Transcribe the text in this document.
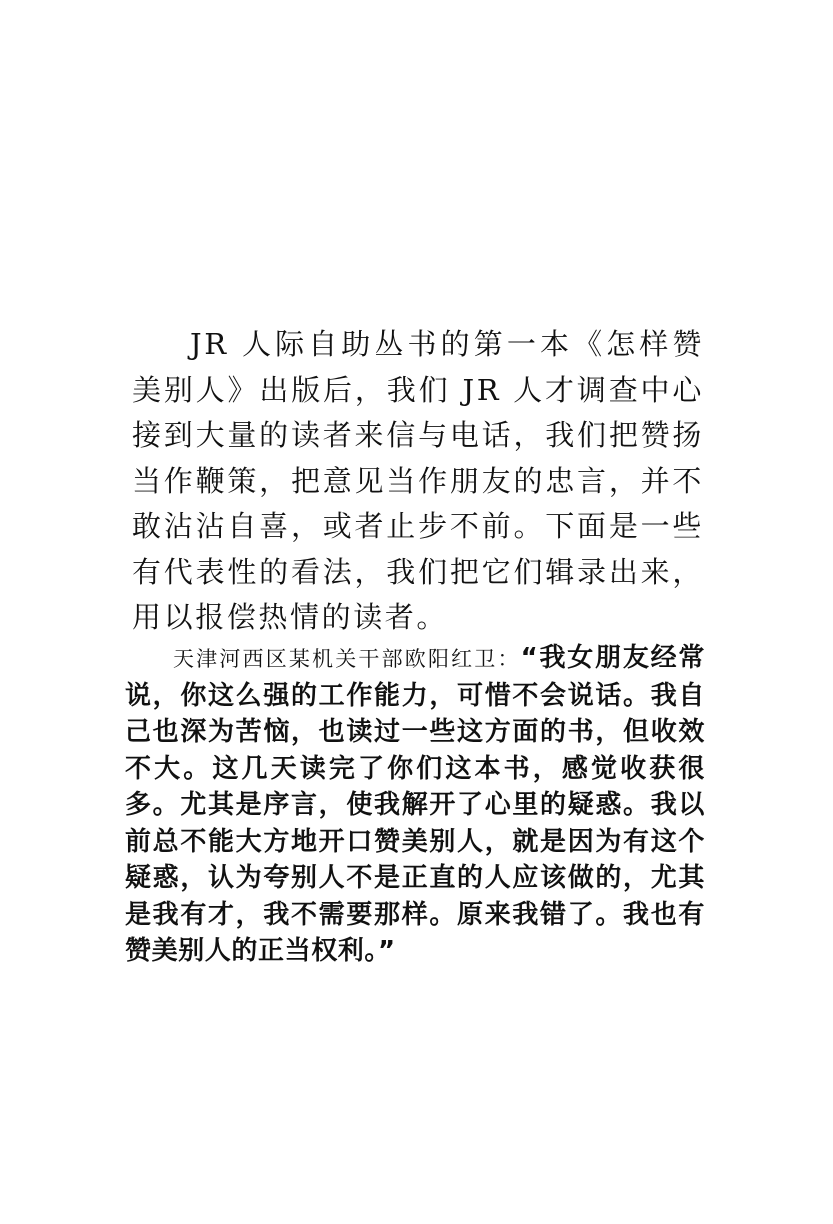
JR 人际自助丛书的第一本《怎样赞美别人》出版后，我们 JR 人才调查中心接到大量的读者来信与电话，我们把赞扬当作鞭策，把意见当作朋友的忠言，并不敢沾沾自喜，或者止步不前。下面是一些有代表性的看法，我们把它们辑录出来，用以报偿热情的读者。

天津河西区某机关干部欧阳红卫：“我女朋友经常说，你这么强的工作能力，可惜不会说话。我自己也深为苦恼，也读过一些这方面的书，但收效不大。这几天读完了你们这本书，感觉收获很多。尤其是序言，使我解开了心里的疑惑。我以前总不能大方地开口赞美别人，就是因为有这个疑惑，认为夸别人不是正直的人应该做的，尤其是我有才，我不需要那样。原来我错了。我也有赞美别人的正当权利。”
